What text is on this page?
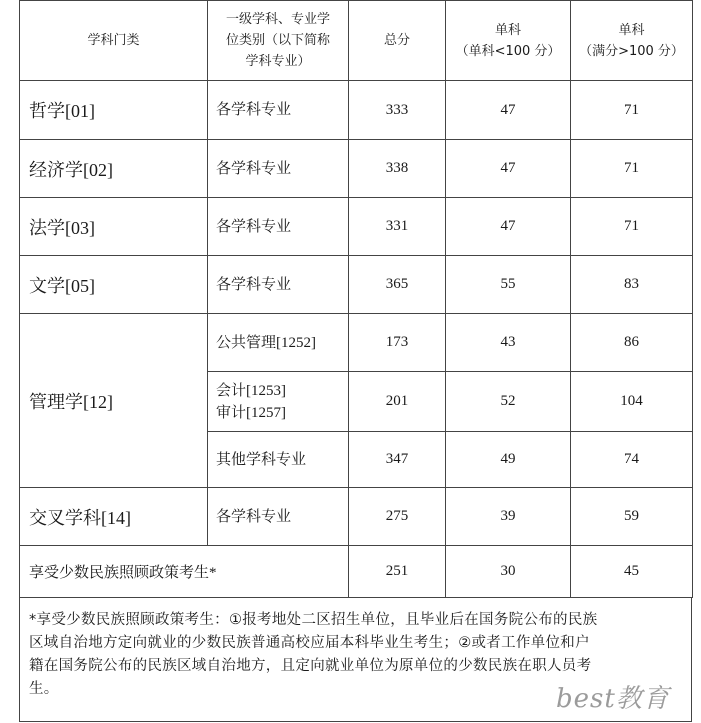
学科门类	一级学科、专业学
位类别（以下简称
学科专业）	总分	单科
（单科<100 分）	单科
（满分>100 分）

哲学[01]	各学科专业	333	47	71
经济学[02]	各学科专业	338	47	71
法学[03]	各学科专业	331	47	71
文学[05]	各学科专业	365	55	83
管理学[12]	公共管理[1252]	173	43	86

	会计[1253]
审计[1257]	201	52	104

	其他学科专业	347	49	74
交叉学科[14]	各学科专业	275	39	59
享受少数民族照顾政策考生*		251	30	45
*享受少数民族照顾政策考生：①报考地处二区招生单位，且毕业后在国务院公布的民族
区域自治地方定向就业的少数民族普通高校应届本科毕业生考生；②或者工作单位和户
籍在国务院公布的民族区域自治地方，且定向就业单位为原单位的少数民族在职人员考
生。	best教育
